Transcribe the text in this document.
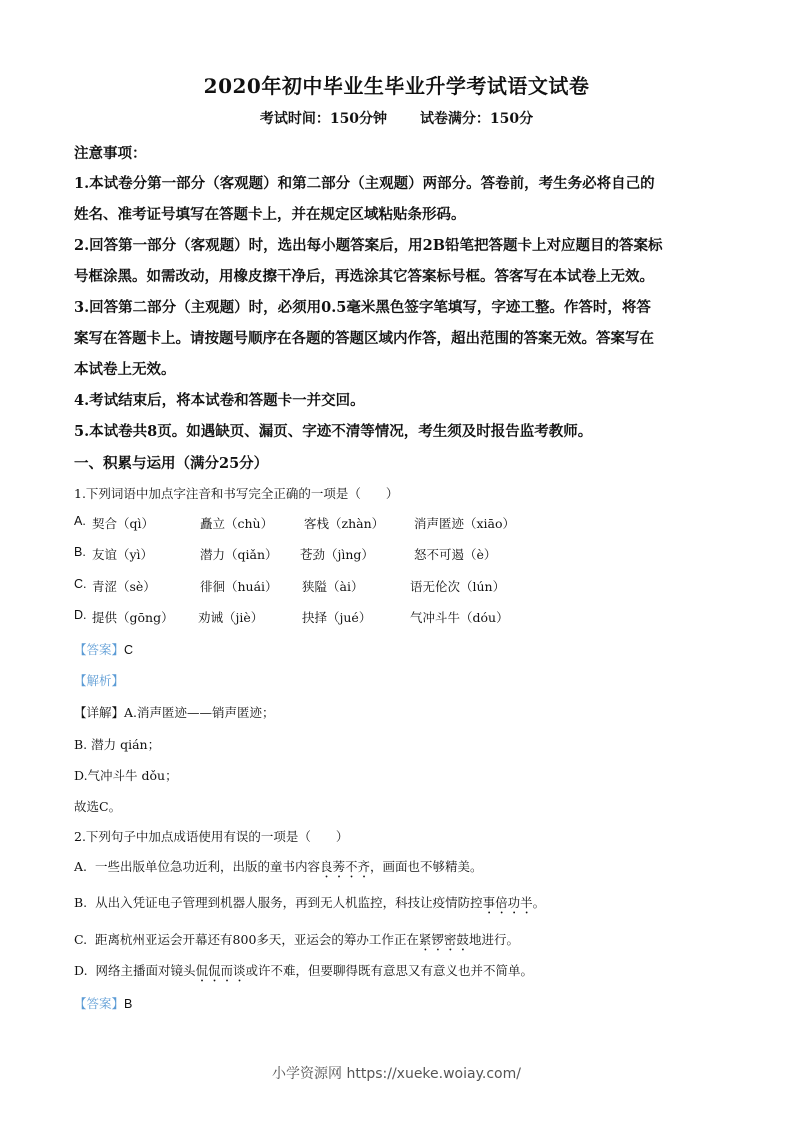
2020年初中毕业生毕业升学考试语文试卷
考试时间：150分钟 试卷满分：150分
注意事项：
1.本试卷分第一部分（客观题）和第二部分（主观题）两部分。答卷前，考生务必将自己的
姓名、准考证号填写在答题卡上，并在规定区域粘贴条形码。
2.回答第一部分（客观题）时，选出每小题答案后，用2B铅笔把答题卡上对应题目的答案标
号框涂黑。如需改动，用橡皮擦干净后，再选涂其它答案标号框。答客写在本试卷上无效。
3.回答第二部分（主观题）时，必须用0.5毫米黑色签字笔填写，字迹工整。作答时，将答
案写在答题卡上。请按题号顺序在各题的答题区域内作答，超出范围的答案无效。答案写在
本试卷上无效。
4.考试结束后，将本试卷和答题卡一并交回。
5.本试卷共8页。如遇缺页、漏页、字迹不清等情况，考生须及时报告监考教师。
一、积累与运用（满分25分）
1.下列词语中加点字注音和书写完全正确的一项是（　　）
A. 契合（qì）	矗立（chù） 客栈（zhàn） 消声匿迹（xiāo）
B. 友谊（yì）	潜力（qiǎn） 苍劲（jìng）	怒不可遏（è）
C. 青涩（sè）	徘徊（huái） 狭隘（ài）	语无伦次（lún）
D. 提供（gōng） 劝诫（jiè）	抉择（jué）	气冲斗牛（dóu）
【答案】C
【解析】
【详解】A.消声匿迹——销声匿迹；
B. 潜力 qián；
D.气冲斗牛 dǒu；
故选C。
2.下列句子中加点成语使用有误的一项是（　　）
A. 一些出版单位急功近利，出版的童书内容良莠不齐，画面也不够精美。
B. 从出入凭证电子管理到机器人服务，再到无人机监控，科技让疫情防控事倍功半。
C. 距离杭州亚运会开幕还有800多天，亚运会的筹办工作正在紧锣密鼓地进行。
D. 网络主播面对镜头侃侃而谈或许不难，但要聊得既有意思又有意义也并不简单。
【答案】B
小学资源网 https://xueke.woiay.com/
